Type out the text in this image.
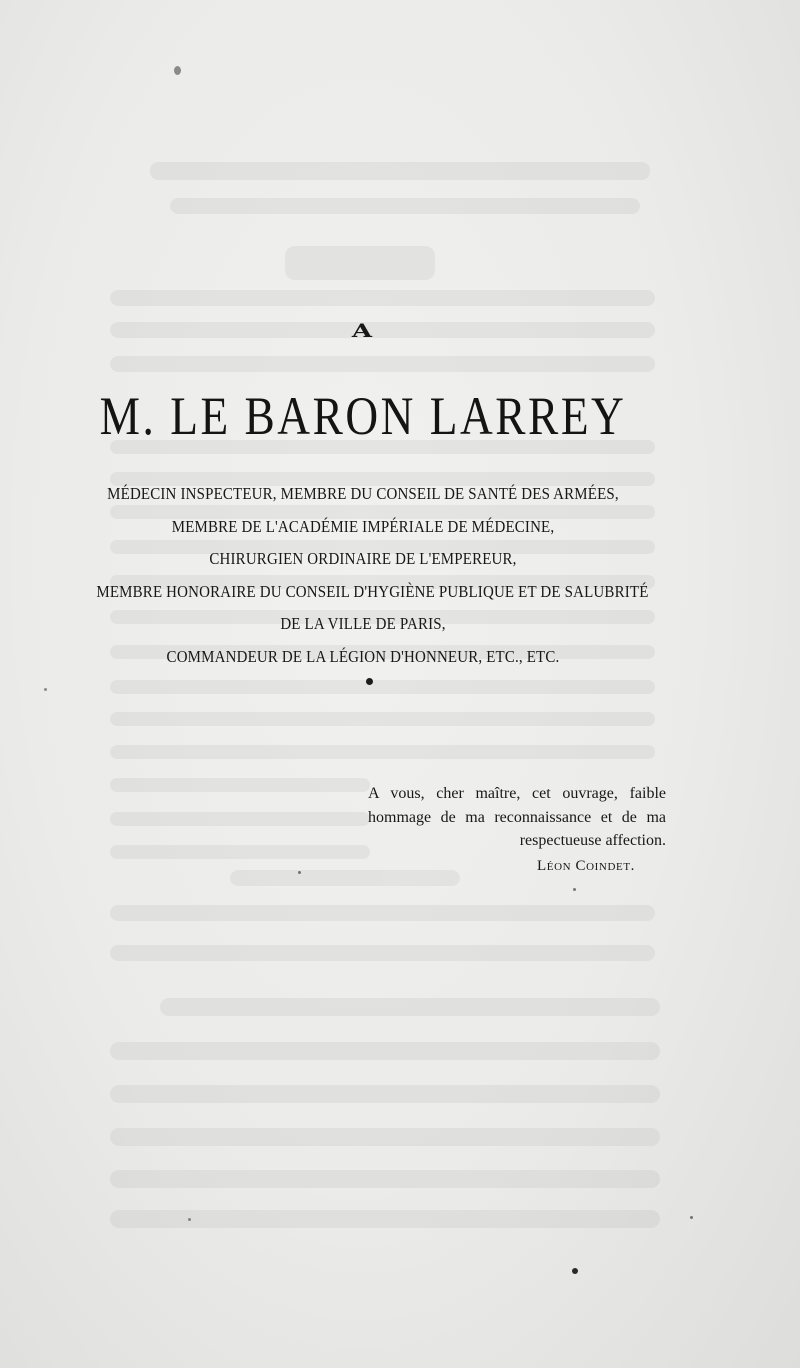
A
M. LE BARON LARREY
MÉDECIN INSPECTEUR, MEMBRE DU CONSEIL DE SANTÉ DES ARMÉES,
MEMBRE DE L'ACADÉMIE IMPÉRIALE DE MÉDECINE,
CHIRURGIEN ORDINAIRE DE L'EMPEREUR,
MEMBRE HONORAIRE DU CONSEIL D'HYGIÈNE PUBLIQUE ET DE SALUBRITÉ
DE LA VILLE DE PARIS,
COMMANDEUR DE LA LÉGION D'HONNEUR, ETC., ETC.

A vous, cher maître, cet ouvrage, faible hommage de ma reconnaissance et de ma respectueuse affection.

Léon Coindet.
